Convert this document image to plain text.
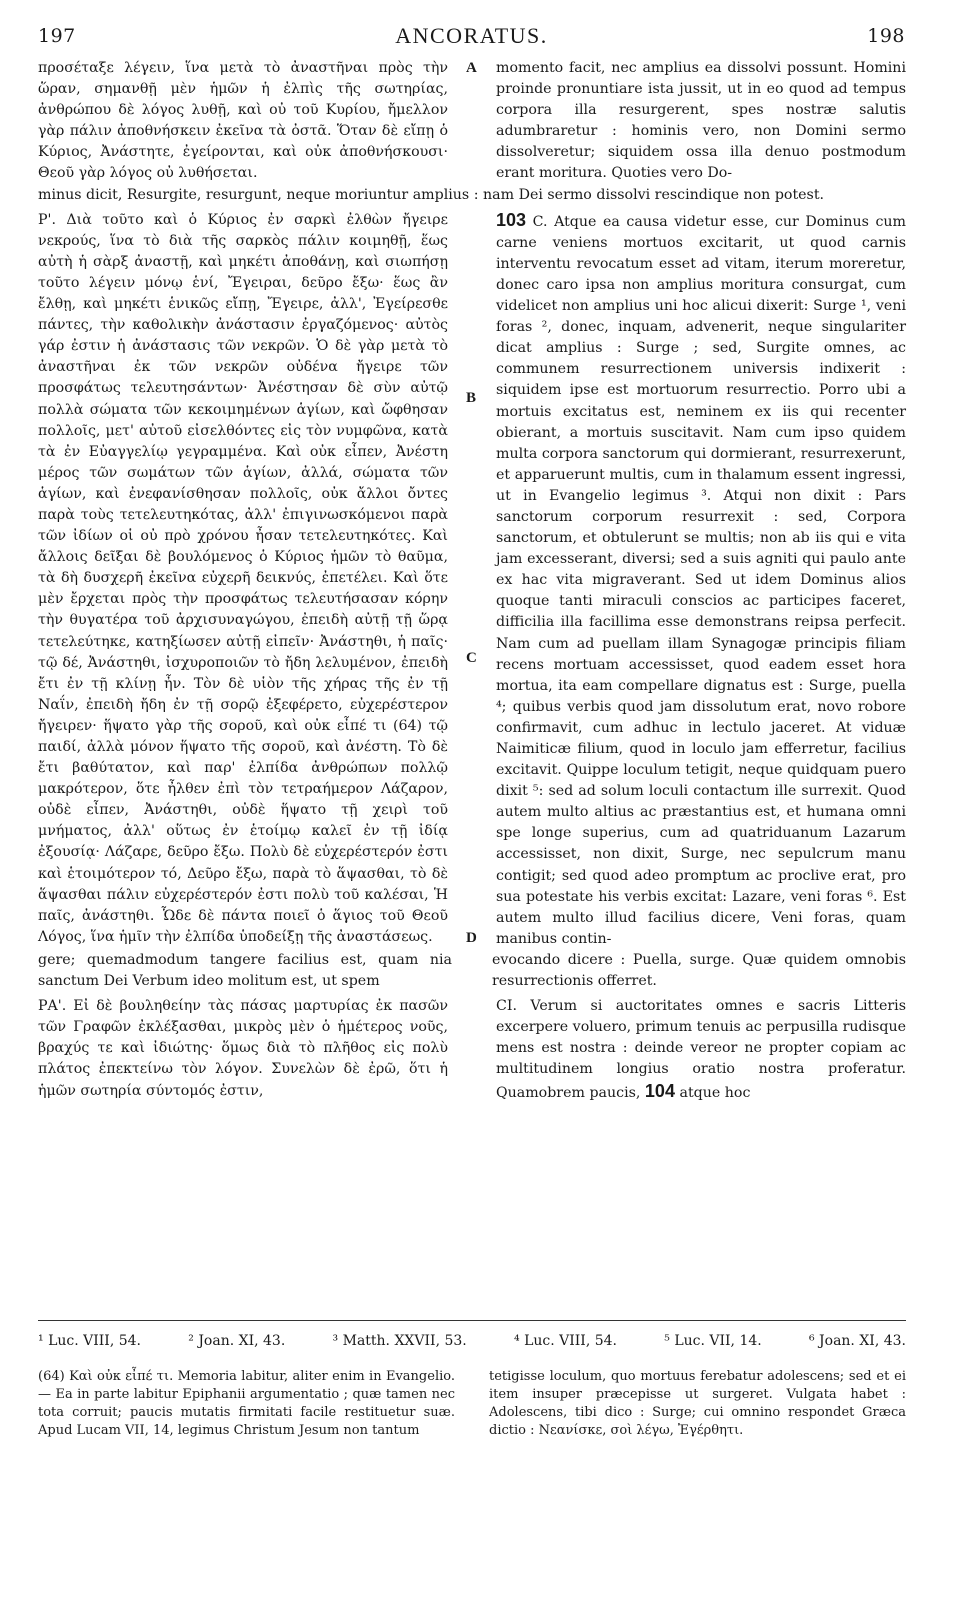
197	ANCORATUS.	198
προσέταξε λέγειν, ἵνα μετὰ τὸ ἀναστῆναι πρὸς τὴν ὥραν, σημανθῇ μὲν ἡμῶν ἡ ἐλπὶς τῆς σωτηρίας, ἀνθρώπου δὲ λόγος λυθῇ, καὶ οὐ τοῦ Κυρίου, ἤμελλον γὰρ πάλιν ἀποθνήσκειν ἐκεῖνα τὰ ὀστᾶ. Ὅταν δὲ εἴπῃ ὁ Κύριος, Ἀνάστητε, ἐγείρονται, καὶ οὐκ ἀποθνήσκουσι· Θεοῦ γὰρ λόγος οὐ λυθήσεται.
A	momento facit, nec amplius ea dissolvi possunt. Homini proinde pronuntiare ista jussit, ut in eo quod ad tempus corpora illa resurgerent, spes nostræ salutis adumbraretur : hominis vero, non Domini sermo dissolveretur; siquidem ossa illa denuo postmodum erant moritura. Quoties vero Do-

minus dicit, Resurgite, resurgunt, neque moriuntur amplius : nam Dei sermo dissolvi rescindique non potest.

Ρ'. Διὰ τοῦτο καὶ ὁ Κύριος ἐν σαρκὶ ἐλθὼν ἤγειρε νεκρούς, ἵνα τὸ διὰ τῆς σαρκὸς πάλιν κοιμηθῇ, ἕως αὐτὴ ἡ σὰρξ ἀναστῇ, καὶ μηκέτι ἀποθάνῃ, καὶ σιωπήσῃ τοῦτο λέγειν μόνῳ ἑνί, Ἔγειραι, δεῦρο ἔξω· ἕως ἂν ἔλθῃ, καὶ μηκέτι ἑνικῶς εἴπῃ, Ἔγειρε, ἀλλ', Ἐγείρεσθε πάντες, τὴν καθολικὴν ἀνάστασιν ἐργαζόμενος· αὐτὸς γάρ ἐστιν ἡ ἀνάστασις τῶν νεκρῶν. Ὁ δὲ γὰρ μετὰ τὸ ἀναστῆναι ἐκ τῶν νεκρῶν οὐδένα ἤγειρε τῶν προσφάτως τελευτησάντων· Ἀνέστησαν δὲ σὺν αὐτῷ πολλὰ σώματα τῶν κεκοιμημένων ἁγίων, καὶ ὤφθησαν πολλοῖς, μετ' αὐτοῦ εἰσελθόντες εἰς τὸν νυμφῶνα, κατὰ τὰ ἐν Εὐαγγελίῳ γεγραμμένα. Καὶ οὐκ εἶπεν, Ἀνέστη μέρος τῶν σωμάτων τῶν ἁγίων, ἀλλά, σώματα τῶν ἁγίων, καὶ ἐνεφανίσθησαν πολλοῖς, οὐκ ἄλλοι ὄντες παρὰ τοὺς τετελευτηκότας, ἀλλ' ἐπιγινωσκόμενοι παρὰ τῶν ἰδίων οἱ οὐ πρὸ χρόνου ἦσαν τετελευτηκότες. Καὶ ἄλλοις δεῖξαι δὲ βουλόμενος ὁ Κύριος ἡμῶν τὸ θαῦμα, τὰ δὴ δυσχερῆ ἐκεῖνα εὐχερῆ δεικνύς, ἐπετέλει. Καὶ ὅτε μὲν ἔρχεται πρὸς τὴν προσφάτως τελευτήσασαν κόρην τὴν θυγατέρα τοῦ ἀρχισυναγώγου, ἐπειδὴ αὐτῇ τῇ ὥρᾳ τετελεύτηκε, κατηξίωσεν αὐτῇ εἰπεῖν· Ἀνάστηθι, ἡ παῖς· τῷ δέ, Ἀνάστηθι, ἰσχυροποιῶν τὸ ἤδη λελυμένον, ἐπειδὴ ἔτι ἐν τῇ κλίνῃ ἦν. Τὸν δὲ υἱὸν τῆς χήρας τῆς ἐν τῇ Ναΐν, ἐπειδὴ ἤδη ἐν τῇ σορῷ ἐξεφέρετο, εὐχερέστερον ἤγειρεν· ἥψατο γὰρ τῆς σοροῦ, καὶ οὐκ εἶπέ τι (64) τῷ παιδί, ἀλλὰ μόνον ἥψατο τῆς σοροῦ, καὶ ἀνέστη. Τὸ δὲ ἔτι βαθύτατον, καὶ παρ' ἐλπίδα ἀνθρώπων πολλῷ μακρότερον, ὅτε ἦλθεν ἐπὶ τὸν τετραήμερον Λάζαρον, οὐδὲ εἶπεν, Ἀνάστηθι, οὐδὲ ἥψατο τῇ χειρὶ τοῦ μνήματος, ἀλλ' οὕτως ἐν ἑτοίμῳ καλεῖ ἐν τῇ ἰδίᾳ ἐξουσίᾳ· Λάζαρε, δεῦρο ἔξω. Πολὺ δὲ εὐχερέστερόν ἐστι καὶ ἑτοιμότερον τό, Δεῦρο ἔξω, παρὰ τὸ ἅψασθαι, τὸ δὲ ἅψασθαι πάλιν εὐχερέστερόν ἐστι πολὺ τοῦ καλέσαι, Ἡ παῖς, ἀνάστηθι. Ὧδε δὲ πάντα ποιεῖ ὁ ἅγιος τοῦ Θεοῦ Λόγος, ἵνα ἡμῖν τὴν ἐλπίδα ὑποδείξῃ τῆς ἀναστάσεως.
B
C
D
103 C. Atque ea causa videtur esse, cur Dominus cum carne veniens mortuos excitarit, ut quod carnis interventu revocatum esset ad vitam, iterum moreretur, donec caro ipsa non amplius moritura consurgat, cum videlicet non amplius uni hoc alicui dixerit: Surge ¹, veni foras ², donec, inquam, advenerit, neque singulariter dicat amplius : Surge ; sed, Surgite omnes, ac communem resurrectionem universis indixerit : siquidem ipse est mortuorum resurrectio. Porro ubi a mortuis excitatus est, neminem ex iis qui recenter obierant, a mortuis suscitavit. Nam cum ipso quidem multa corpora sanctorum qui dormierant, resurrexerunt, et apparuerunt multis, cum in thalamum essent ingressi, ut in Evangelio legimus ³. Atqui non dixit : Pars sanctorum corporum resurrexit : sed, Corpora sanctorum, et obtulerunt se multis; non ab iis qui e vita jam excesserant, diversi; sed a suis agniti qui paulo ante ex hac vita migraverant. Sed ut idem Dominus alios quoque tanti miraculi conscios ac participes faceret, difficilia illa facillima esse demonstrans reipsa perfecit. Nam cum ad puellam illam Synagogæ principis filiam recens mortuam accessisset, quod eadem esset hora mortua, ita eam compellare dignatus est : Surge, puella ⁴; quibus verbis quod jam dissolutum erat, novo robore confirmavit, cum adhuc in lectulo jaceret. At viduæ Naimiticæ filium, quod in loculo jam efferretur, facilius excitavit. Quippe loculum tetigit, neque quidquam puero dixit ⁵: sed ad solum loculi contactum ille surrexit. Quod autem multo altius ac præstantius est, et humana omni spe longe superius, cum ad quatriduanum Lazarum accessisset, non dixit, Surge, nec sepulcrum manu contigit; sed quod adeo promptum ac proclive erat, pro sua potestate his verbis excitat: Lazare, veni foras ⁶. Est autem multo illud facilius dicere, Veni foras, quam manibus contin-
gere; quemadmodum tangere facilius est, quam nia sanctum Dei Verbum ideo molitum est, ut spem
evocando dicere : Puella, surge. Quæ quidem omnobis resurrectionis offerret.
ΡΑ'. Εἰ δὲ βουληθείην τὰς πάσας μαρτυρίας ἐκ πασῶν τῶν Γραφῶν ἐκλέξασθαι, μικρὸς μὲν ὁ ἡμέτερος νοῦς, βραχύς τε καὶ ἰδιώτης· ὅμως διὰ τὸ πλῆθος εἰς πολὺ πλάτος ἐπεκτείνω τὸν λόγον. Συνελὼν δὲ ἐρῶ, ὅτι ἡ ἡμῶν σωτηρία σύντομός ἐστιν,
CI. Verum si auctoritates omnes e sacris Litteris excerpere voluero, primum tenuis ac perpusilla rudisque mens est nostra : deinde vereor ne propter copiam ac multitudinem longius oratio nostra proferatur. Quamobrem paucis, 104 atque hoc
¹ Luc. VIII, 54.	² Joan. XI, 43.	³ Matth. XXVII, 53.	⁴ Luc. VIII, 54.	⁵ Luc. VII, 14.	⁶ Joan. XI, 43.
(64) Καὶ οὐκ εἶπέ τι. Memoria labitur, aliter enim in Evangelio. — Ea in parte labitur Epiphanii argumentatio ; quæ tamen nec tota corruit; paucis mutatis firmitati facile restituetur suæ. Apud Lucam VII, 14, legimus Christum Jesum non tantum
tetigisse loculum, quo mortuus ferebatur adolescens; sed et ei item insuper præcepisse ut surgeret. Vulgata habet : Adolescens, tibi dico : Surge; cui omnino respondet Græca dictio : Νεανίσκε, σοὶ λέγω, Ἐγέρθητι.
